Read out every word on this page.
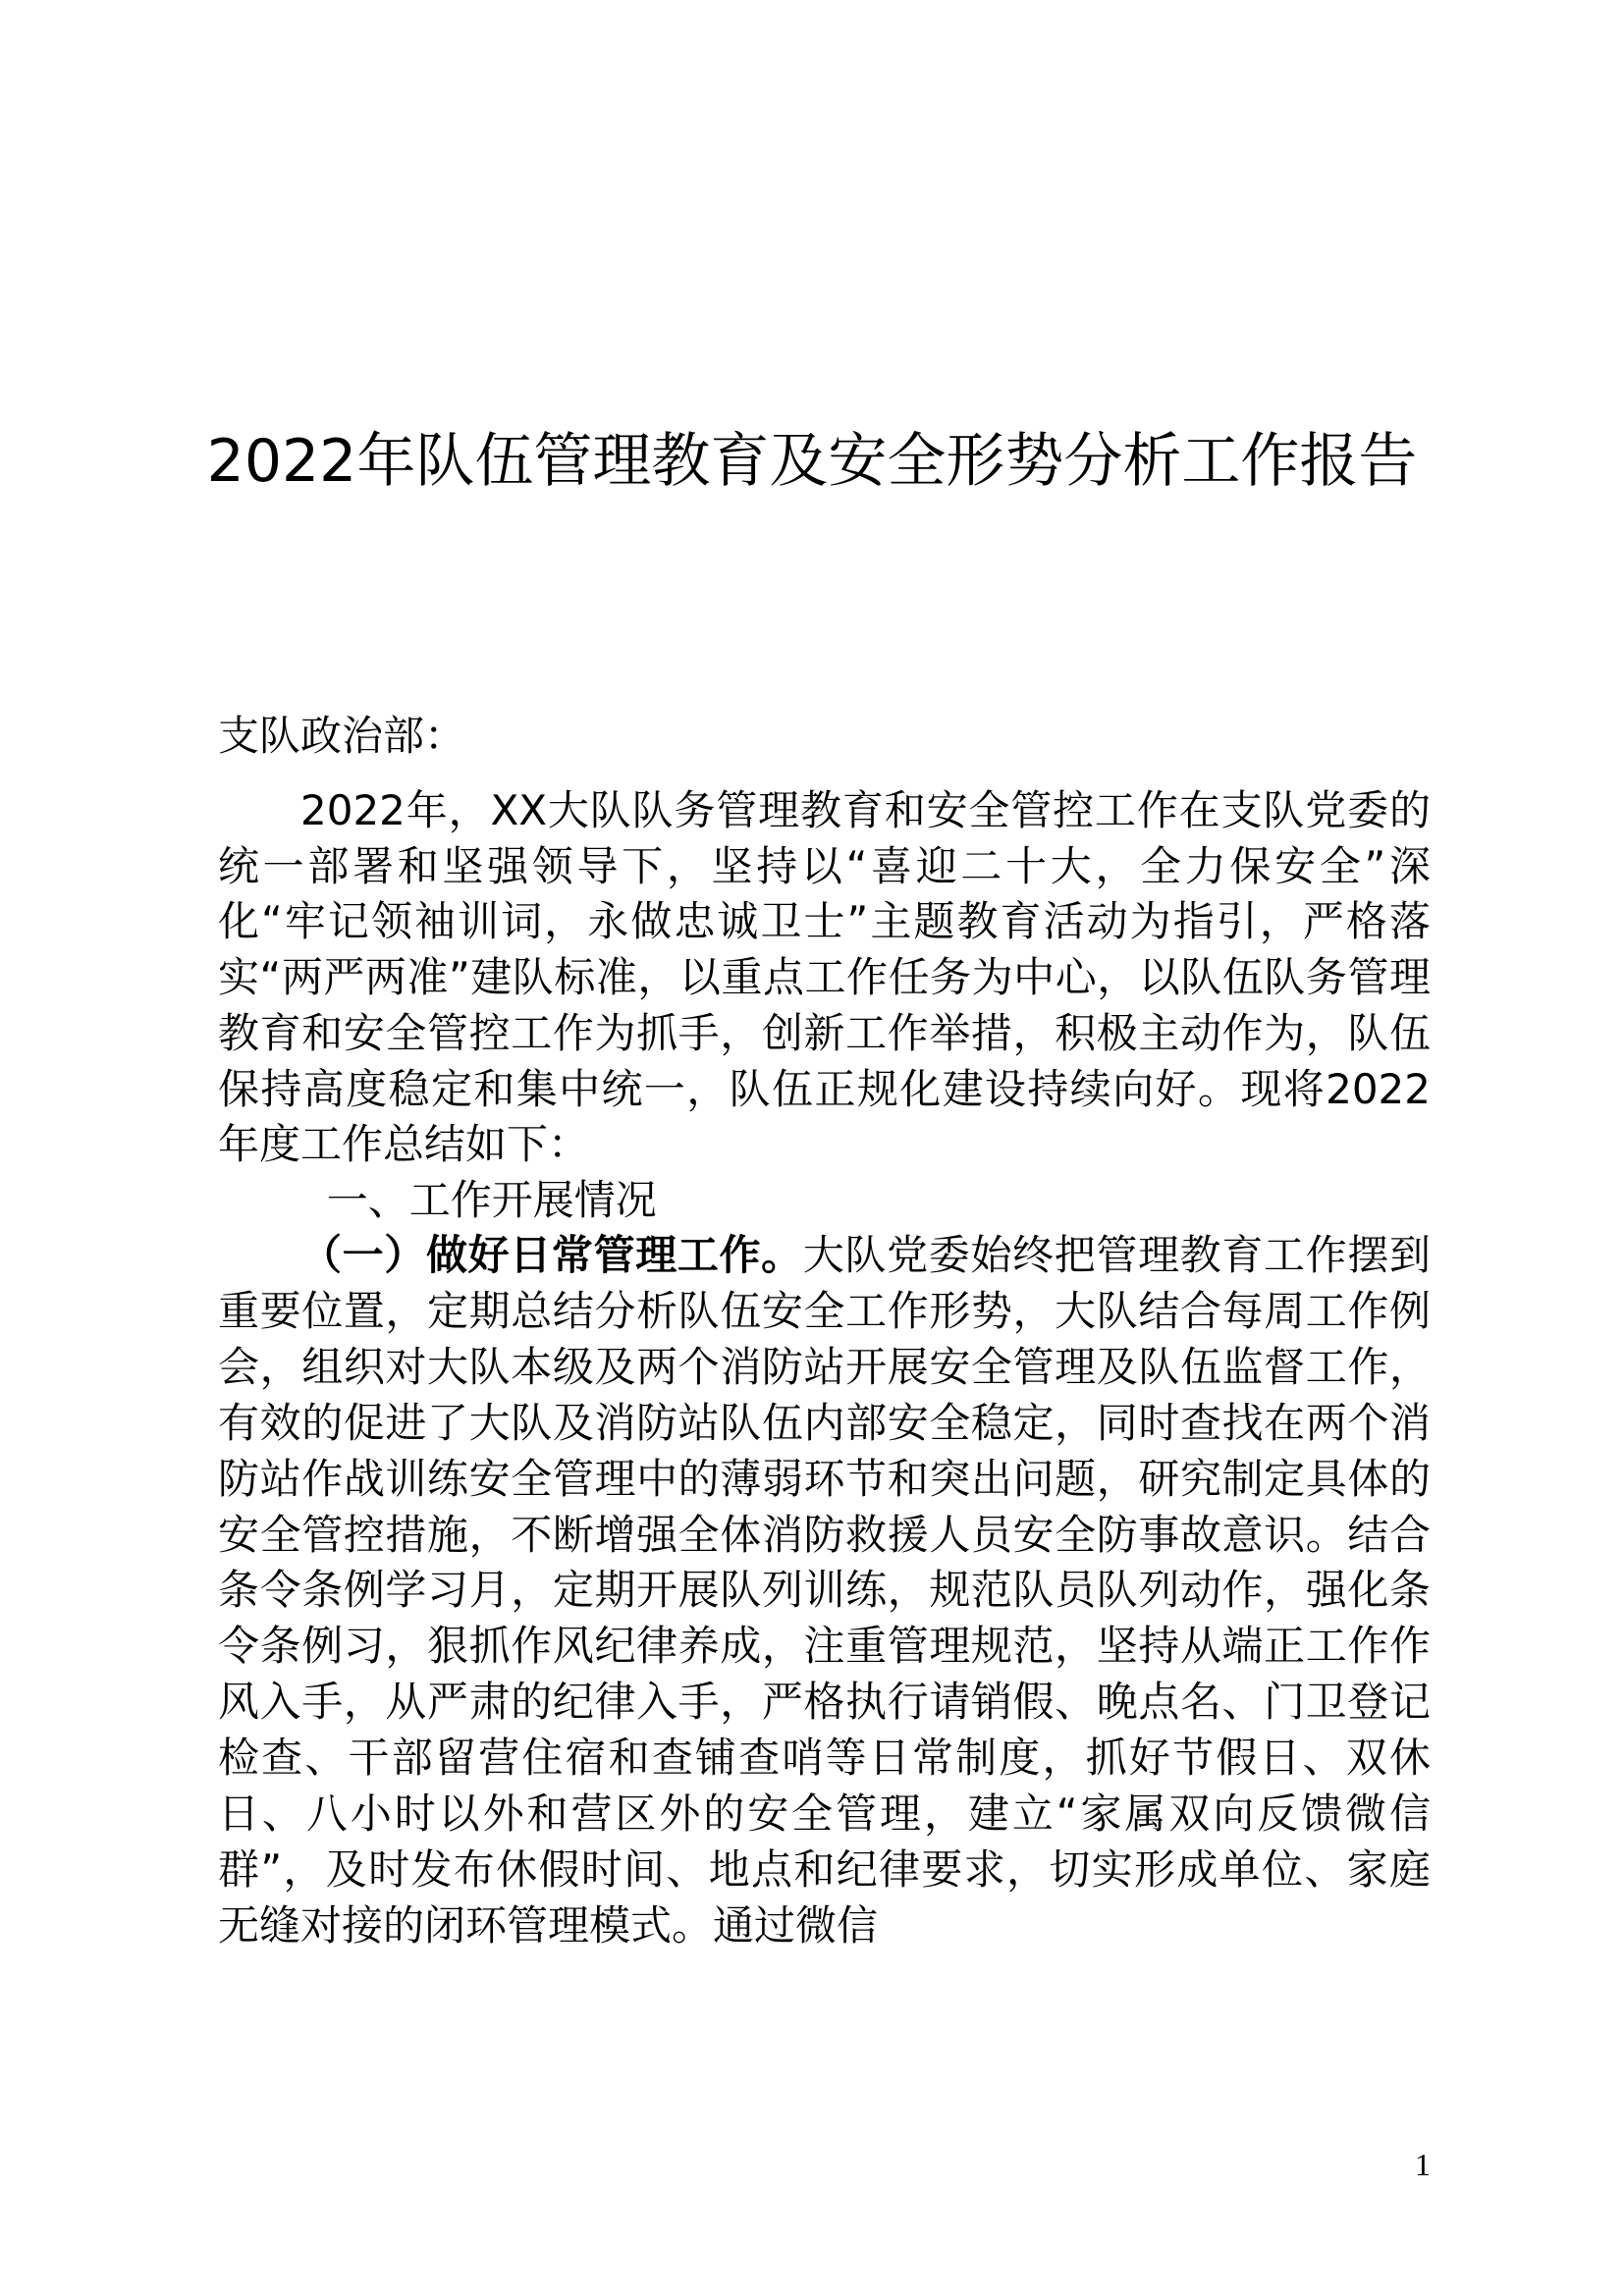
2022年队伍管理教育及安全形势分析工作报告

支队政治部：

2022年，XX大队队务管理教育和安全管控工作在支队党委的统一部署和坚强领导下，坚持以“喜迎二十大，全力保安全”深化“牢记领袖训词，永做忠诚卫士”主题教育活动为指引，严格落实“两严两准”建队标准，以重点工作任务为中心，以队伍队务管理教育和安全管控工作为抓手，创新工作举措，积极主动作为，队伍保持高度稳定和集中统一，队伍正规化建设持续向好。现将2022年度工作总结如下：

一、工作开展情况

（一）做好日常管理工作。大队党委始终把管理教育工作摆到重要位置，定期总结分析队伍安全工作形势，大队结合每周工作例会，组织对大队本级及两个消防站开展安全管理及队伍监督工作，有效的促进了大队及消防站队伍内部安全稳定，同时查找在两个消防站作战训练安全管理中的薄弱环节和突出问题，研究制定具体的安全管控措施，不断增强全体消防救援人员安全防事故意识。结合条令条例学习月，定期开展队列训练，规范队员队列动作，强化条令条例习，狠抓作风纪律养成，注重管理规范，坚持从端正工作作风入手，从严肃的纪律入手，严格执行请销假、晚点名、门卫登记检查、干部留营住宿和查铺查哨等日常制度，抓好节假日、双休日、八小时以外和营区外的安全管理，建立“家属双向反馈微信群”，及时发布休假时间、地点和纪律要求，切实形成单位、家庭无缝对接的闭环管理模式。通过微信

1
